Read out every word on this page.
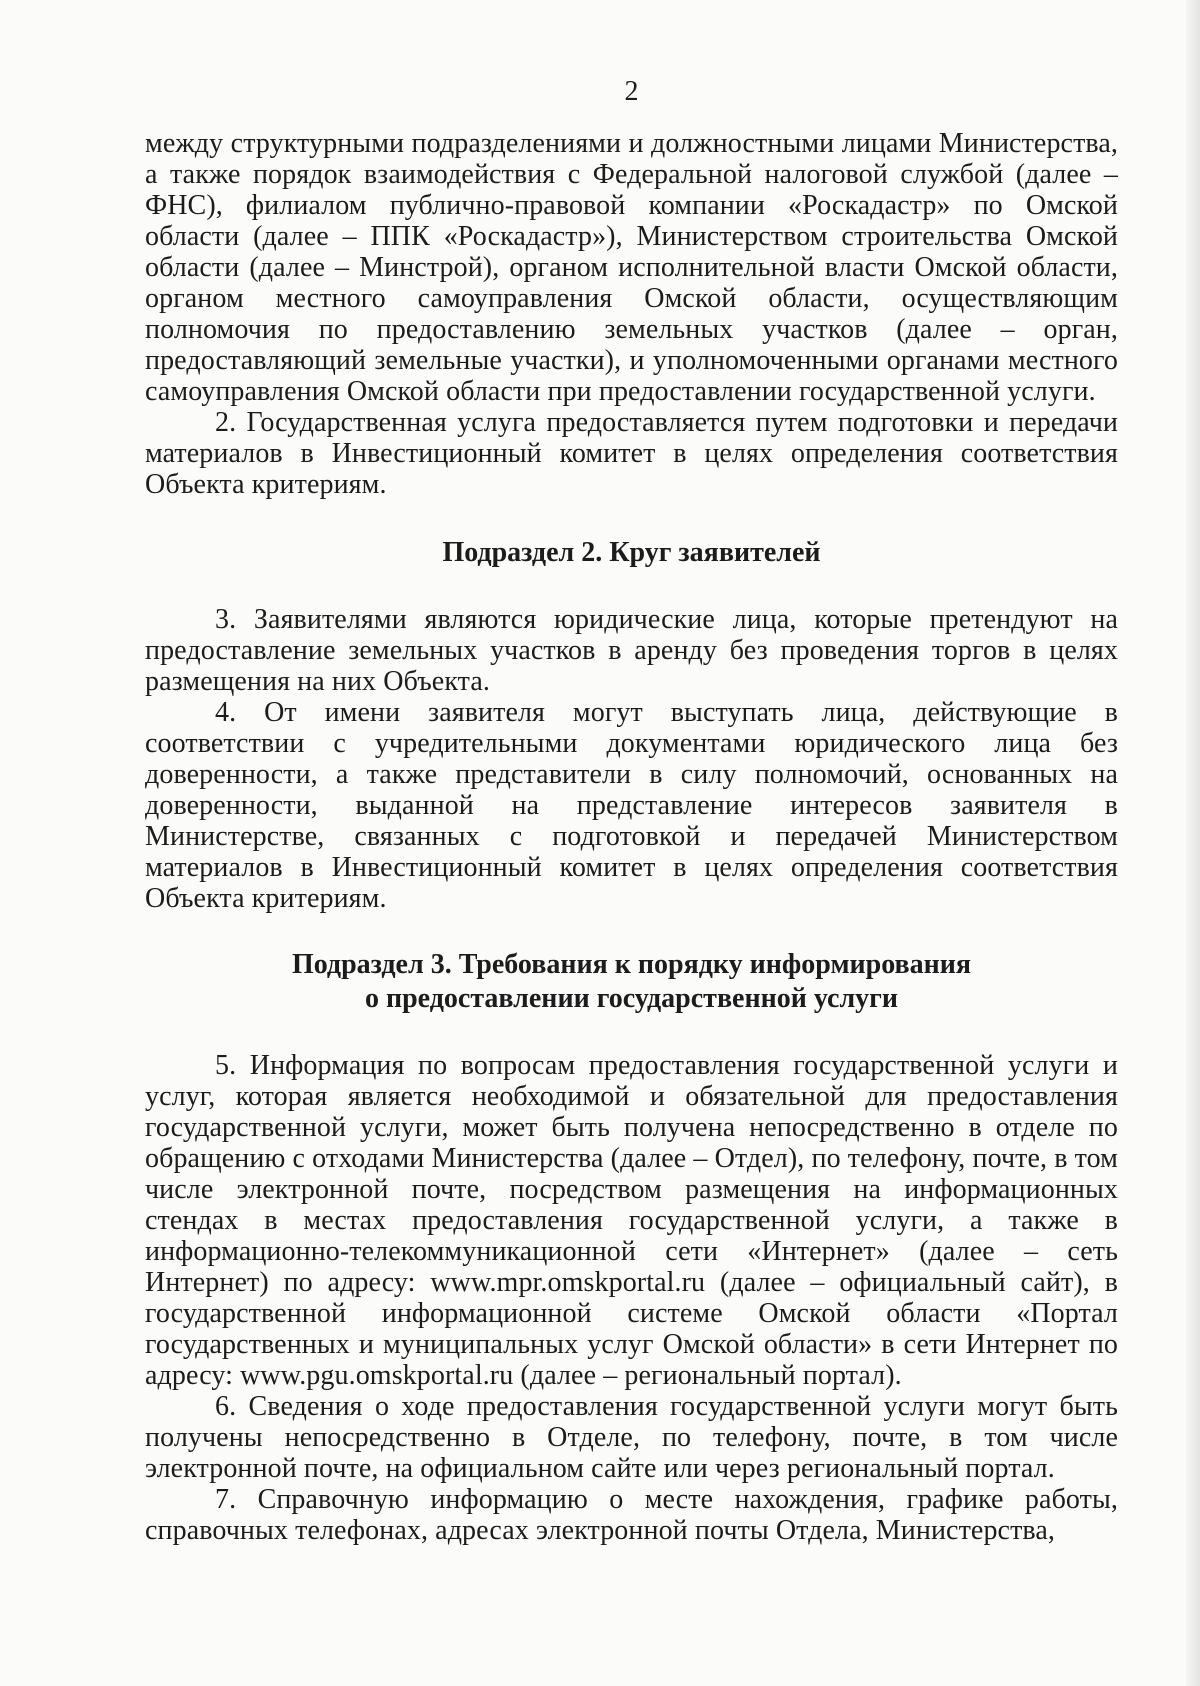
2

между структурными подразделениями и должностными лицами Министерства, а также порядок взаимодействия с Федеральной налоговой службой (далее – ФНС), филиалом публично-правовой компании «Роскадастр» по Омской области (далее – ППК «Роскадастр»), Министерством строительства Омской области (далее – Минстрой), органом исполнительной власти Омской области, органом местного самоуправления Омской области, осуществляющим полномочия по предоставлению земельных участков (далее – орган, предоставляющий земельные участки), и уполномоченными органами местного самоуправления Омской области при предоставлении государственной услуги.

2. Государственная услуга предоставляется путем подготовки и передачи материалов в Инвестиционный комитет в целях определения соответствия Объекта критериям.

Подраздел 2. Круг заявителей

3. Заявителями являются юридические лица, которые претендуют на предоставление земельных участков в аренду без проведения торгов в целях размещения на них Объекта.

4. От имени заявителя могут выступать лица, действующие в соответствии с учредительными документами юридического лица без доверенности, а также представители в силу полномочий, основанных на доверенности, выданной на представление интересов заявителя в Министерстве, связанных с подготовкой и передачей Министерством материалов в Инвестиционный комитет в целях определения соответствия Объекта критериям.

Подраздел 3. Требования к порядку информирования
о предоставлении государственной услуги

5. Информация по вопросам предоставления государственной услуги и услуг, которая является необходимой и обязательной для предоставления государственной услуги, может быть получена непосредственно в отделе по обращению с отходами Министерства (далее – Отдел), по телефону, почте, в том числе электронной почте, посредством размещения на информационных стендах в местах предоставления государственной услуги, а также в информационно-телекоммуникационной сети «Интернет» (далее – сеть Интернет) по адресу: www.mpr.omskportal.ru (далее – официальный сайт), в государственной информационной системе Омской области «Портал государственных и муниципальных услуг Омской области» в сети Интернет по адресу: www.pgu.omskportal.ru (далее – региональный портал).

6. Сведения о ходе предоставления государственной услуги могут быть получены непосредственно в Отделе, по телефону, почте, в том числе электронной почте, на официальном сайте или через региональный портал.

7. Справочную информацию о месте нахождения, графике работы, справочных телефонах, адресах электронной почты Отдела, Министерства,
